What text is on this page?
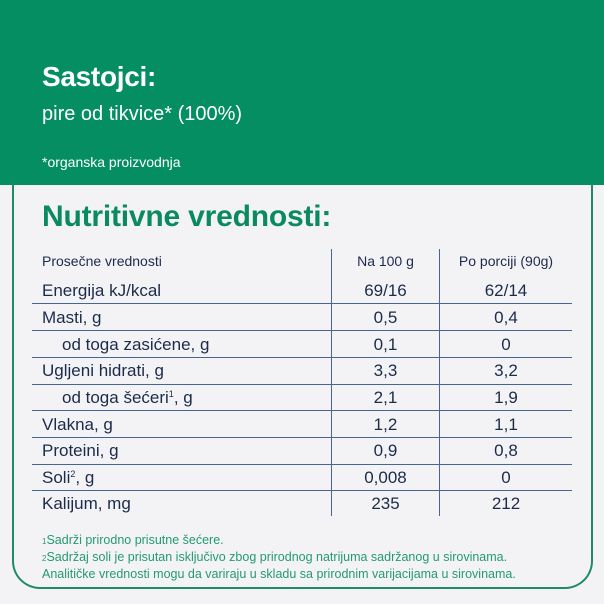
Sastojci:
pire od tikvice* (100%)
*organska proizvodnja
Nutritivne vrednosti:
Prosečne vrednosti	Na 100 g	Po porciji (90g)
Energija kJ/kcal	69/16	62/14
Masti, g	0,5	0,4
od toga zasićene, g	0,1	0
Ugljeni hidrati, g	3,3	3,2
od toga šećeri$^1$, g	2,1	1,9
Vlakna, g	1,2	1,1
Proteini, g	0,9	0,8
Soli$^2$, g	0,008	0
Kalijum, mg	235	212
$^1$Sadrži prirodno prisutne šećere.
$^2$Sadržaj soli je prisutan isključivo zbog prirodnog natrijuma sadržanog u sirovinama.
Analitičke vrednosti mogu da variraju u skladu sa prirodnim varijacijama u sirovinama.
